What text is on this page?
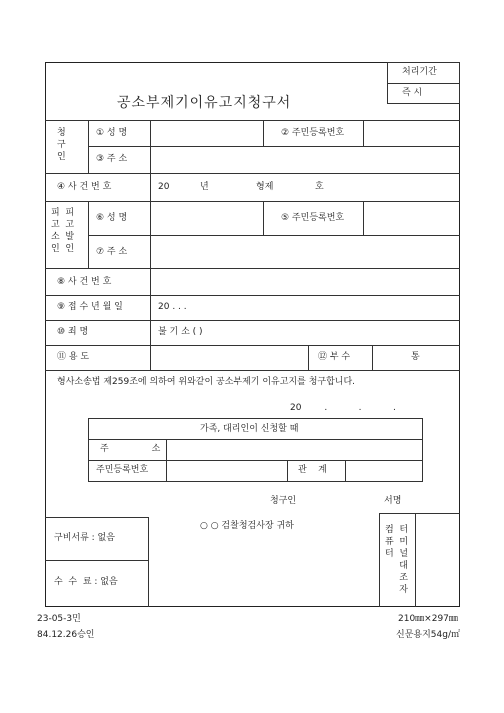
공소부제기이유고지청구서
처리기간
즉 시
청
구
인
① 성 명	② 주민등록번호
③ 주 소
④ 사 건 번 호	20	년	형제	호
피  피
고  고
소  발
인  인
⑥ 성 명	⑤ 주민등록번호
⑦ 주 소
⑧ 사 건 번 호
⑨ 접 수 년 월 일	20 . . .
⑩ 죄 명	불 기 소 ( )
⑪ 용 도	⑫ 부 수	통
형사소송법 제259조에 의하여 위와같이 공소부제기 이유고지를 청구합니다.
20        .           .           .
가족, 대리인이 신청할 때
주               소
주민등록번호	관    계
청구인	서명
○ ○ 검찰청검사장 귀하
구비서류 : 없음
수  수  료 : 없음
컴  터
퓨  미
터  널
대
조
자
23-05-3민
84.12.26승인
210㎜×297㎜
신문용지54g/㎡
